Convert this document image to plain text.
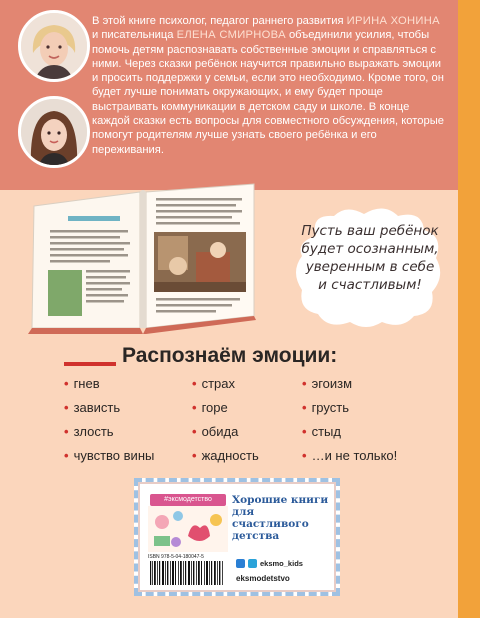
В этой книге психолог, педагог раннего развития ИРИНА ХОНИНА и писательница ЕЛЕНА СМИРНОВА объединили усилия, чтобы помочь детям распознавать собственные эмоции и справляться с ними. Через сказки ребёнок научится правильно выражать эмоции и просить поддержки у семьи, если это необходимо. Кроме того, он будет лучше понимать окружающих, и ему будет проще выстраивать коммуникации в детском саду и школе. В конце каждой сказки есть вопросы для совместного обсуждения, которые помогут родителям лучше узнать своего ребёнка и его переживания.

Пусть ваш ребёнок будет осознанным, уверенным в себе и счастливым!

Распознаём эмоции:
• гнев	• страх	• эгоизм
• зависть	• горе	• грусть
• злость	• обида	• стыд
• чувство вины	• жадность	• …и не только!
#эксмодетство	Хорошие книги для счастливого детства

ISBN 978-5-04-180047-5
eksmo_kids
eksmodetstvo
